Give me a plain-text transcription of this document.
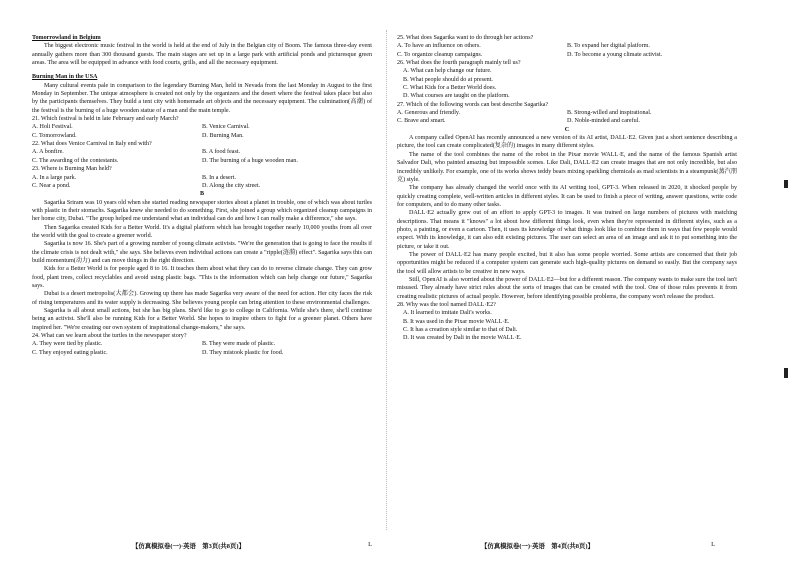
Tomorrowland in Belgium

The biggest electronic music festival in the world is held at the end of July in the Belgian city of Boom. The famous three-day event annually gathers more than 300 thousand guests. The main stages are set up in a large park with artificial ponds and picturesque green areas. The area will be equipped in advance with food courts, grills, and all the necessary equipment.

Burning Man in the USA

Many cultural events pale in comparison to the legendary Burning Man, held in Nevada from the last Monday in August to the first Monday in September. The unique atmosphere is created not only by the organizers and the desert where the festival takes place but also by the participants themselves. They build a tent city with homemade art objects and the necessary equipment. The culmination(高潮) of the festival is the burning of a huge wooden statue of a man and the main temple.

21. Which festival is held in late February and early March?

A. Holi Festival.	B. Venice Carnival.
C. Tomorrowland.	D. Burning Man.

22. What does Venice Carnival in Italy end with?

A. A bonfire.	B. A food feast.
C. The awarding of the contestants.	D. The burning of a huge wooden man.

23. Where is Burning Man held?

A. In a large park.	B. In a desert.
C. Near a pond.	D. Along the city street.

B

Sagarika Sriram was 10 years old when she started reading newspaper stories about a planet in trouble, one of which was about turtles with plastic in their stomachs. Sagarika knew she needed to do something. First, she joined a group which organized cleanup campaigns in her home city, Dubai. "The group helped me understand what an individual can do and how I can really make a difference," she says.

Then Sagarika created Kids for a Better World. It's a digital platform which has brought together nearly 10,000 youths from all over the world with the goal to create a greener world.

Sagarika is now 16. She's part of a growing number of young climate activists. "We're the generation that is going to face the results if the climate crisis is not dealt with," she says. She believes even individual actions can create a "ripple(涟漪) effect". Sagarika says this can build momentum(动力) and can move things in the right direction.

Kids for a Better World is for people aged 8 to 16. It teaches them about what they can do to reverse climate change. They can grow food, plant trees, collect recyclables and avoid using plastic bags. "This is the information which can help change our future," Sagarika says.

Dubai is a desert metropolis(大都会). Growing up there has made Sagarika very aware of the need for action. Her city faces the risk of rising temperatures and its water supply is decreasing. She believes young people can bring attention to these environmental challenges.

Sagarika is all about small actions, but she has big plans. She'd like to go to college in California. While she's there, she'll continue being an activist. She'll also be running Kids for a Better World. She hopes to inspire others to fight for a greener planet. Others have inspired her. "We're creating our own system of inspirational change-makers," she says.

24. What can we learn about the turtles in the newspaper story?

A. They were tied by plastic.	B. They were made of plastic.
C. They enjoyed eating plastic.	D. They mistook plastic for food.

25. What does Sagarika want to do through her actions?

A. To have an influence on others.	B. To expand her digital platform.
C. To organize cleanup campaigns.	D. To become a young climate activist.

26. What does the fourth paragraph mainly tell us?

A. What can help change our future.

B. What people should do at present.

C. What Kids for a Better World does.

D. What courses are taught on the platform.

27. Which of the following words can best describe Sagarika?

A. Generous and friendly.	B. Strong-willed and inspirational.
C. Brave and smart.	D. Noble-minded and careful.

C

A company called OpenAI has recently announced a new version of its AI artist, DALL·E2. Given just a short sentence describing a picture, the tool can create complicated(复杂的) images in many different styles.

The name of the tool combines the name of the robot in the Pixar movie WALL·E, and the name of the famous Spanish artist Salvador Dali, who painted amazing but impossible scenes. Like Dali, DALL·E2 can create images that are not only incredible, but also incredibly unlikely. For example, one of its works shows teddy bears mixing sparkling chemicals as mad scientists in a steampunk(蒸汽朋克) style.

The company has already changed the world once with its AI writing tool, GPT-3. When released in 2020, it shocked people by quickly creating complete, well-written articles in different styles. It can be used to finish a piece of writing, answer questions, write code for computers, and to do many other tasks.

DALL·E2 actually grew out of an effort to apply GPT-3 to images. It was trained on large numbers of pictures with matching descriptions. That means it "knows" a lot about how different things look, even when they're represented in different styles, such as a photo, a painting, or even a cartoon. Then, it uses its knowledge of what things look like to combine them in ways that few people would expect. With its knowledge, it can also edit existing pictures. The user can select an area of an image and ask it to put something into the picture, or take it out.

The power of DALL·E2 has many people excited, but it also has some people worried. Some artists are concerned that their job opportunities might be reduced if a computer system can generate such high-quality pictures on demand so easily. But the company says the tool will allow artists to be creative in new ways.

Still, OpenAI is also worried about the power of DALL·E2—but for a different reason. The company wants to make sure the tool isn't misused. They already have strict rules about the sorts of images that can be created with the tool. One of those rules prevents it from creating realistic pictures of actual people. However, before identifying possible problems, the company won't release the product.

28. Why was the tool named DALL·E2?

A. It learned to imitate Dali's works.

B. It was used in the Pixar movie WALL·E.

C. It has a creation style similar to that of Dali.

D. It was created by Dali in the movie WALL·E.

【仿真模拟卷(一)·英语　第3页(共8页)】	L	【仿真模拟卷(一)·英语　第4页(共8页)】	L
